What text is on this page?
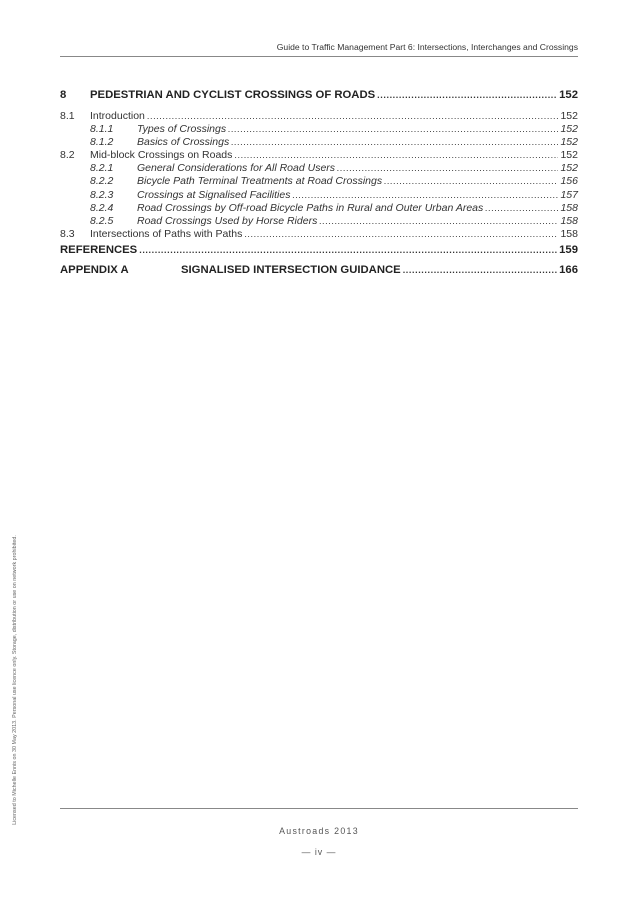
Guide to Traffic Management Part 6: Intersections, Interchanges and Crossings
8	PEDESTRIAN AND CYCLIST CROSSINGS OF ROADS .....	152
8.1	Introduction .....	152
8.1.1	Types of Crossings .....	152
8.1.2	Basics of Crossings .....	152
8.2	Mid-block Crossings on Roads .....	152
8.2.1	General Considerations for All Road Users .....	152
8.2.2	Bicycle Path Terminal Treatments at Road Crossings .....	156
8.2.3	Crossings at Signalised Facilities .....	157
8.2.4	Road Crossings by Off-road Bicycle Paths in Rural and Outer Urban Areas .....	158
8.2.5	Road Crossings Used by Horse Riders .....	158
8.3	Intersections of Paths with Paths .....	158
REFERENCES .....	159
APPENDIX A	SIGNALISED INTERSECTION GUIDANCE .....	166
Licensed to Michelle Ennis on 30 May 2013. Personal use licence only. Storage, distribution or use on network prohibited.
Austroads 2013
— iv —
